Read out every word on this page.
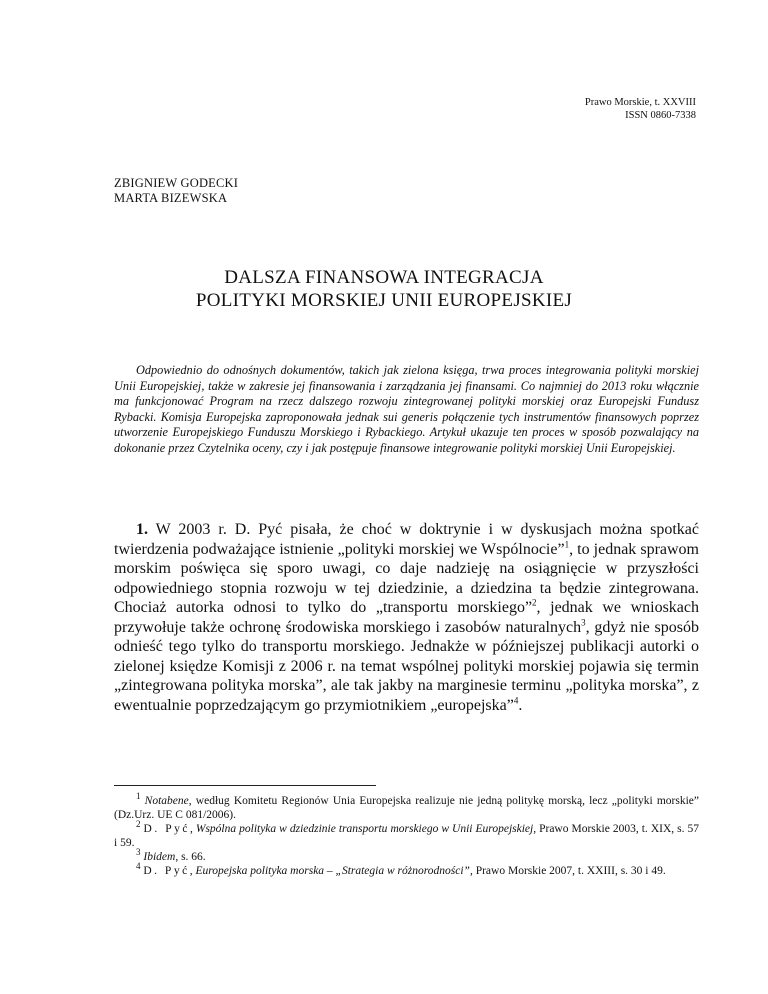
Prawo Morskie, t. XXVIII
ISSN 0860-7338
ZBIGNIEW GODECKI
MARTA BIZEWSKA
DALSZA FINANSOWA INTEGRACJA
POLITYKI MORSKIEJ UNII EUROPEJSKIEJ

Odpowiednio do odnośnych dokumentów, takich jak zielona księga, trwa proces integrowania polityki morskiej Unii Europejskiej, także w zakresie jej finansowania i zarządzania jej finansami. Co najmniej do 2013 roku włącznie ma funkcjonować Program na rzecz dalszego rozwoju zintegrowanej polityki morskiej oraz Europejski Fundusz Rybacki. Komisja Europejska zaproponowała jednak sui generis połączenie tych instrumentów finansowych poprzez utworzenie Europejskiego Funduszu Morskiego i Rybackiego. Artykuł ukazuje ten proces w sposób pozwalający na dokonanie przez Czytelnika oceny, czy i jak postępuje finansowe integrowanie polityki morskiej Unii Europejskiej.

1. W 2003 r. D. Pyć pisała, że choć w doktrynie i w dyskusjach można spotkać twierdzenia podważające istnienie „polityki morskiej we Wspólnocie”$^1$, to jednak sprawom morskim poświęca się sporo uwagi, co daje nadzieję na osiągnięcie w przyszłości odpowiedniego stopnia rozwoju w tej dziedzinie, a dziedzina ta będzie zintegrowana. Chociaż autorka odnosi to tylko do „transportu morskiego”$^2$, jednak we wnioskach przywołuje także ochronę środowiska morskiego i zasobów naturalnych$^3$, gdyż nie sposób odnieść tego tylko do transportu morskiego. Jednakże w późniejszej publikacji autorki o zielonej księdze Komisji z 2006 r. na temat wspólnej polityki morskiej pojawia się termin „zintegrowana polityka morska”, ale tak jakby na marginesie terminu „polityka morska”, z ewentualnie poprzedzającym go przymiotnikiem „europejska”$^4$.

$^1$ Notabene, według Komitetu Regionów Unia Europejska realizuje nie jedną politykę morską, lecz „polityki morskie” (Dz.Urz. UE C 081/2006).

$^2$ D. Pyć, Wspólna polityka w dziedzinie transportu morskiego w Unii Europejskiej, Prawo Morskie 2003, t. XIX, s. 57 i 59.

$^3$ Ibidem, s. 66.

$^4$ D. Pyć, Europejska polityka morska – „Strategia w różnorodności”, Prawo Morskie 2007, t. XXIII, s. 30 i 49.
